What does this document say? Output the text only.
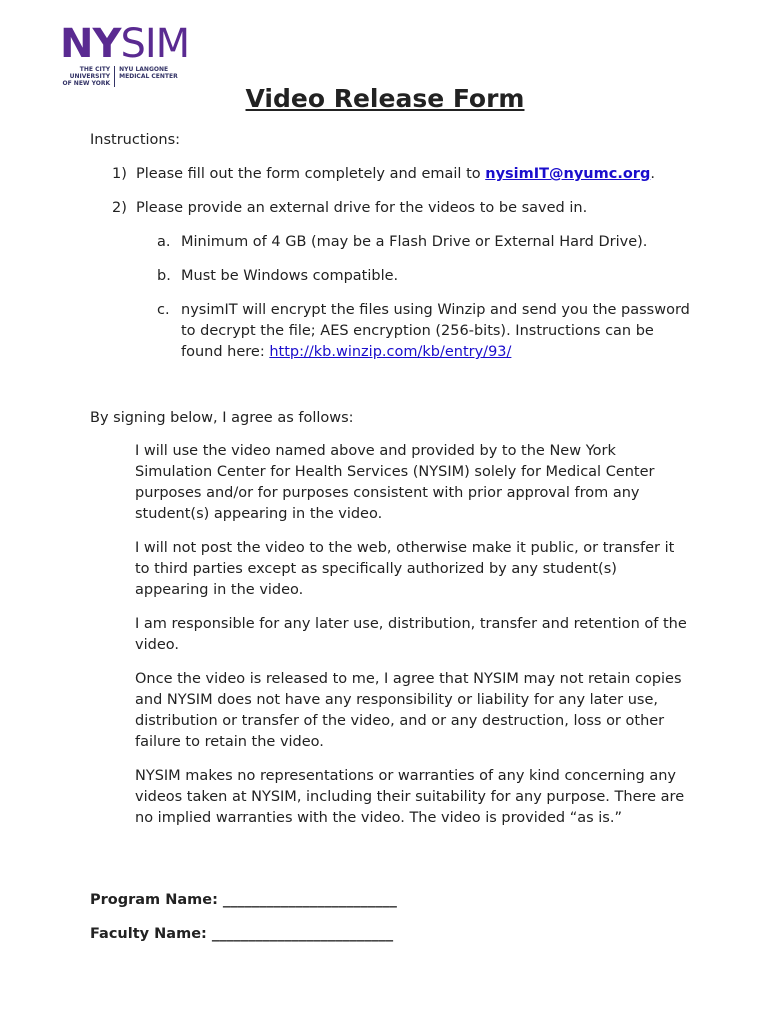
NYSIM
THE CITY UNIVERSITY OF NEW YORK
NYU LANGONE MEDICAL CENTER
Video Release Form

Instructions:

1) Please fill out the form completely and email to nysimIT@nyumc.org.
2) Please provide an external drive for the videos to be saved in.
a. Minimum of 4 GB (may be a Flash Drive or External Hard Drive).
b. Must be Windows compatible.
c. nysimIT will encrypt the files using Winzip and send you the password to decrypt the file; AES encryption (256-bits). Instructions can be found here: http://kb.winzip.com/kb/entry/93/

By signing below, I agree as follows:

I will use the video named above and provided by to the New York Simulation Center for Health Services (NYSIM) solely for Medical Center purposes and/or for purposes consistent with prior approval from any student(s) appearing in the video.

I will not post the video to the web, otherwise make it public, or transfer it to third parties except as specifically authorized by any student(s) appearing in the video.

I am responsible for any later use, distribution, transfer and retention of the video.

Once the video is released to me, I agree that NYSIM may not retain copies and NYSIM does not have any responsibility or liability for any later use, distribution or transfer of the video, and or any destruction, loss or other failure to retain the video.

NYSIM makes no representations or warranties of any kind concerning any videos taken at NYSIM, including their suitability for any purpose. There are no implied warranties with the video. The video is provided “as is.”

Program Name: ________________________
Faculty Name: _________________________
